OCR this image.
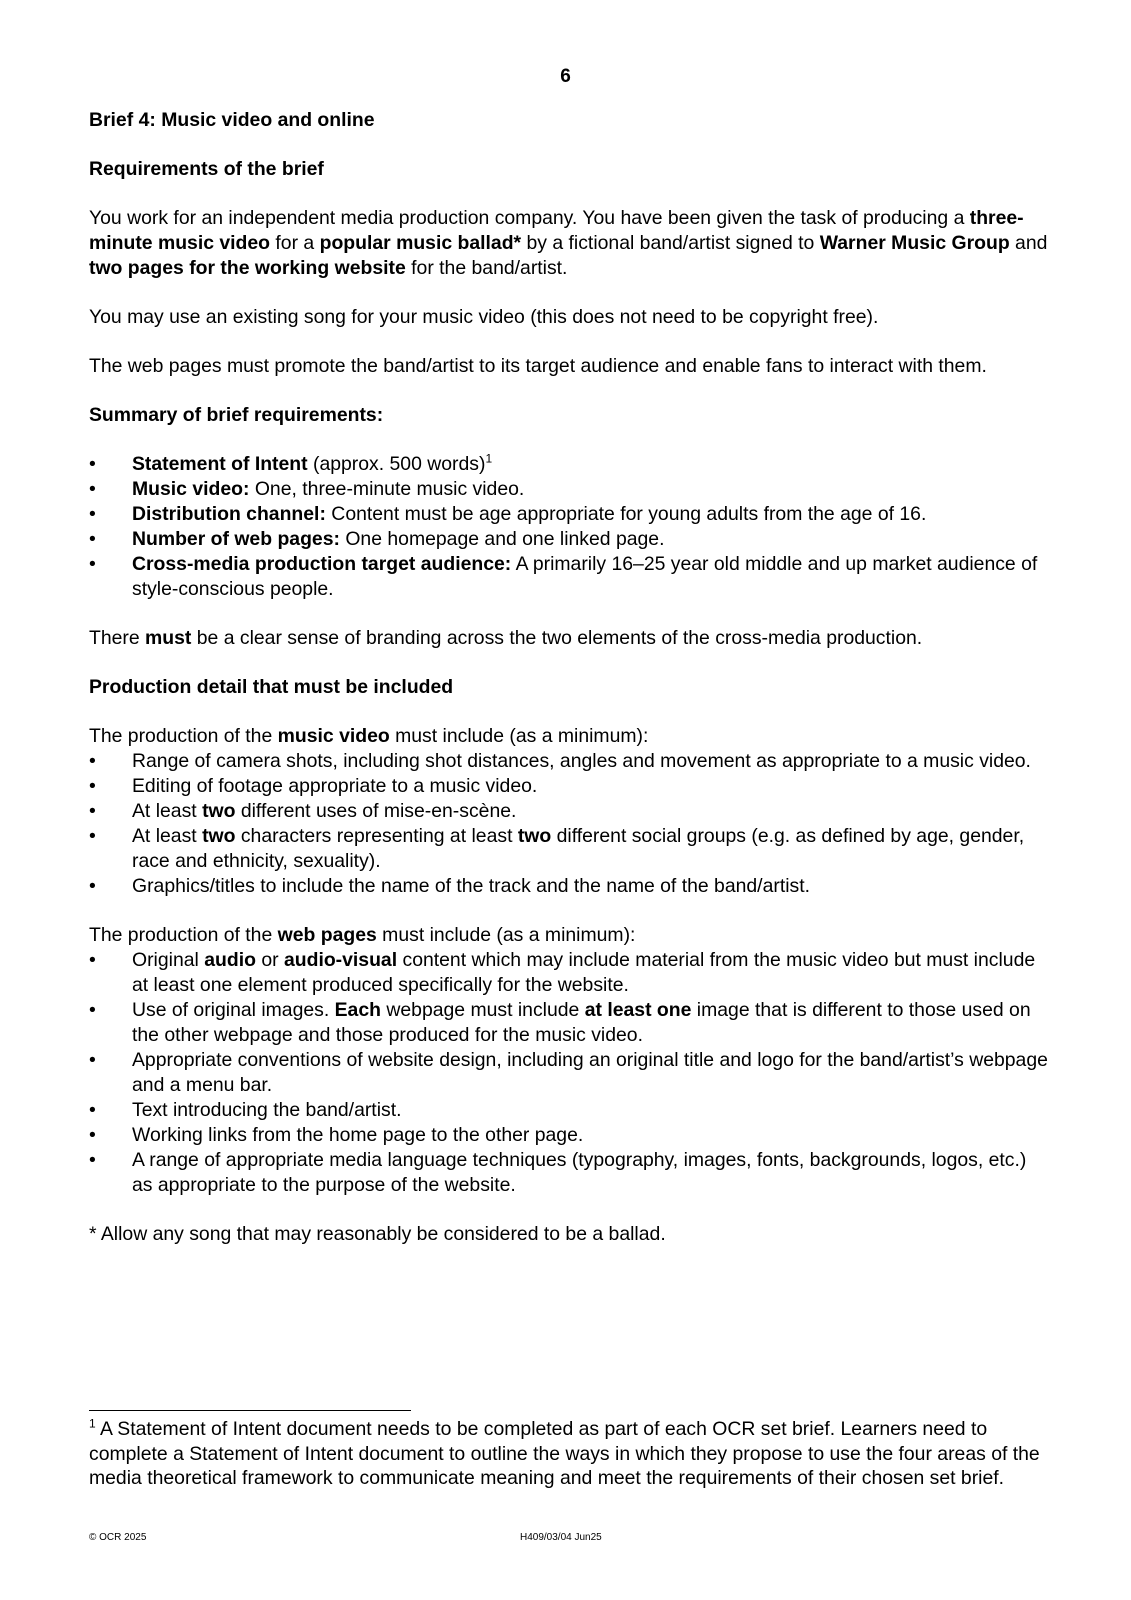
6

Brief 4: Music video and online

Requirements of the brief

You work for an independent media production company. You have been given the task of producing a three-minute music video for a popular music ballad* by a fictional band/artist signed to Warner Music Group and two pages for the working website for the band/artist.

You may use an existing song for your music video (this does not need to be copyright free).

The web pages must promote the band/artist to its target audience and enable fans to interact with them.

Summary of brief requirements:

• Statement of Intent (approx. 500 words)$^1$
• Music video: One, three-minute music video.
• Distribution channel: Content must be age appropriate for young adults from the age of 16.
• Number of web pages: One homepage and one linked page.
• Cross-media production target audience: A primarily 16–25 year old middle and up market audience of style-conscious people.

There must be a clear sense of branding across the two elements of the cross-media production.

Production detail that must be included

The production of the music video must include (as a minimum):

• Range of camera shots, including shot distances, angles and movement as appropriate to a music video.
• Editing of footage appropriate to a music video.
• At least two different uses of mise-en-scène.
• At least two characters representing at least two different social groups (e.g. as defined by age, gender, race and ethnicity, sexuality).
• Graphics/titles to include the name of the track and the name of the band/artist.

The production of the web pages must include (as a minimum):

• Original audio or audio-visual content which may include material from the music video but must include at least one element produced specifically for the website.
• Use of original images. Each webpage must include at least one image that is different to those used on the other webpage and those produced for the music video.
• Appropriate conventions of website design, including an original title and logo for the band/artist’s webpage and a menu bar.
• Text introducing the band/artist.
• Working links from the home page to the other page.
• A range of appropriate media language techniques (typography, images, fonts, backgrounds, logos, etc.) as appropriate to the purpose of the website.

* Allow any song that may reasonably be considered to be a ballad.

$^1$ A Statement of Intent document needs to be completed as part of each OCR set brief. Learners need to complete a Statement of Intent document to outline the ways in which they propose to use the four areas of the media theoretical framework to communicate meaning and meet the requirements of their chosen set brief.
© OCR 2025	H409/03/04 Jun25
